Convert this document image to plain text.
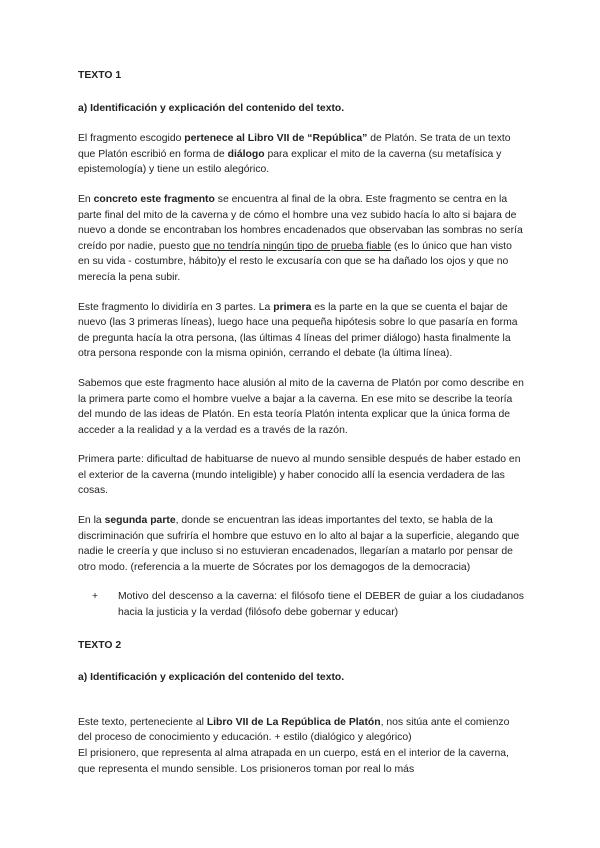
TEXTO 1

a) Identificación y explicación del contenido del texto.

El fragmento escogido pertenece al Libro VII de “República” de Platón. Se trata de un texto que Platón escribió en forma de diálogo para explicar el mito de la caverna (su metafísica y epistemología) y tiene un estilo alegórico.

En concreto este fragmento se encuentra al final de la obra. Este fragmento se centra en la parte final del mito de la caverna y de cómo el hombre una vez subido hacía lo alto si bajara de nuevo a donde se encontraban los hombres encadenados que observaban las sombras no sería creído por nadie, puesto que no tendría ningún tipo de prueba fiable (es lo único que han visto en su vida - costumbre, hábito)y el resto le excusaría con que se ha dañado los ojos y que no merecía la pena subir.

Este fragmento lo dividiría en 3 partes. La primera es la parte en la que se cuenta el bajar de nuevo (las 3 primeras líneas), luego hace una pequeña hipótesis sobre lo que pasaría en forma de pregunta hacía la otra persona, (las últimas 4 líneas del primer diálogo) hasta finalmente la otra persona responde con la misma opinión, cerrando el debate (la última línea).

Sabemos que este fragmento hace alusión al mito de la caverna de Platón por como describe en la primera parte como el hombre vuelve a bajar a la caverna. En ese mito se describe la teoría del mundo de las ideas de Platón. En esta teoría Platón intenta explicar que la única forma de acceder a la realidad y a la verdad es a través de la razón.

Primera parte: dificultad de habituarse de nuevo al mundo sensible después de haber estado en el exterior de la caverna (mundo inteligible) y haber conocido allí la esencia verdadera de las cosas.

En la segunda parte, donde se encuentran las ideas importantes del texto, se habla de la discriminación que sufriría el hombre que estuvo en lo alto al bajar a la superficie, alegando que nadie le creería y que incluso si no estuvieran encadenados, llegarían a matarlo por pensar de otro modo. (referencia a la muerte de Sócrates por los demagogos de la democracia)

+	Motivo del descenso a la caverna: el filósofo tiene el DEBER de guiar a los ciudadanos hacia la justicia y la verdad (filósofo debe gobernar y educar)

TEXTO 2

a) Identificación y explicación del contenido del texto.

Este texto, perteneciente al Libro VII de La República de Platón, nos sitúa ante el comienzo del proceso de conocimiento y educación. + estilo (dialógico y alegórico)

El prisionero, que representa al alma atrapada en un cuerpo, está en el interior de la caverna, que representa el mundo sensible. Los prisioneros toman por real lo más
